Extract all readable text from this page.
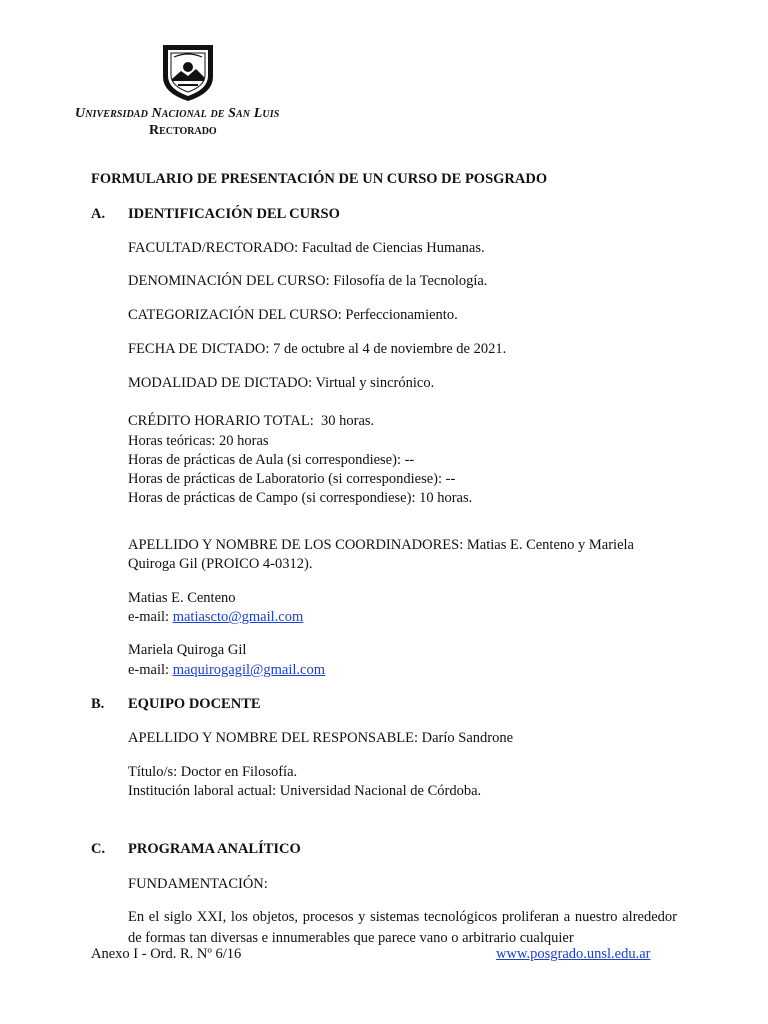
Universidad Nacional de San Luis
Rectorado
FORMULARIO DE PRESENTACIÓN DE UN CURSO DE POSGRADO
A. IDENTIFICACIÓN DEL CURSO
FACULTAD/RECTORADO: Facultad de Ciencias Humanas.
DENOMINACIÓN DEL CURSO: Filosofía de la Tecnología.
CATEGORIZACIÓN DEL CURSO: Perfeccionamiento.
FECHA DE DICTADO: 7 de octubre al 4 de noviembre de 2021.
MODALIDAD DE DICTADO: Virtual y sincrónico.
CRÉDITO HORARIO TOTAL: 30 horas.
Horas teóricas: 20 horas
Horas de prácticas de Aula (si correspondiese): --
Horas de prácticas de Laboratorio (si correspondiese): --
Horas de prácticas de Campo (si correspondiese): 10 horas.
APELLIDO Y NOMBRE DE LOS COORDINADORES: Matias E. Centeno y Mariela
Quiroga Gil (PROICO 4-0312).
Matias E. Centeno
e-mail: matiascto@gmail.com
Mariela Quiroga Gil
e-mail: maquirogagil@gmail.com
B. EQUIPO DOCENTE
APELLIDO Y NOMBRE DEL RESPONSABLE: Darío Sandrone
Título/s: Doctor en Filosofía.
Institución laboral actual: Universidad Nacional de Córdoba.
C. PROGRAMA ANALÍTICO
FUNDAMENTACIÓN:
En el siglo XXI, los objetos, procesos y sistemas tecnológicos proliferan a nuestro alrededor de formas tan diversas e innumerables que parece vano o arbitrario cualquier
Anexo I - Ord. R. Nº 6/16	www.posgrado.unsl.edu.ar
